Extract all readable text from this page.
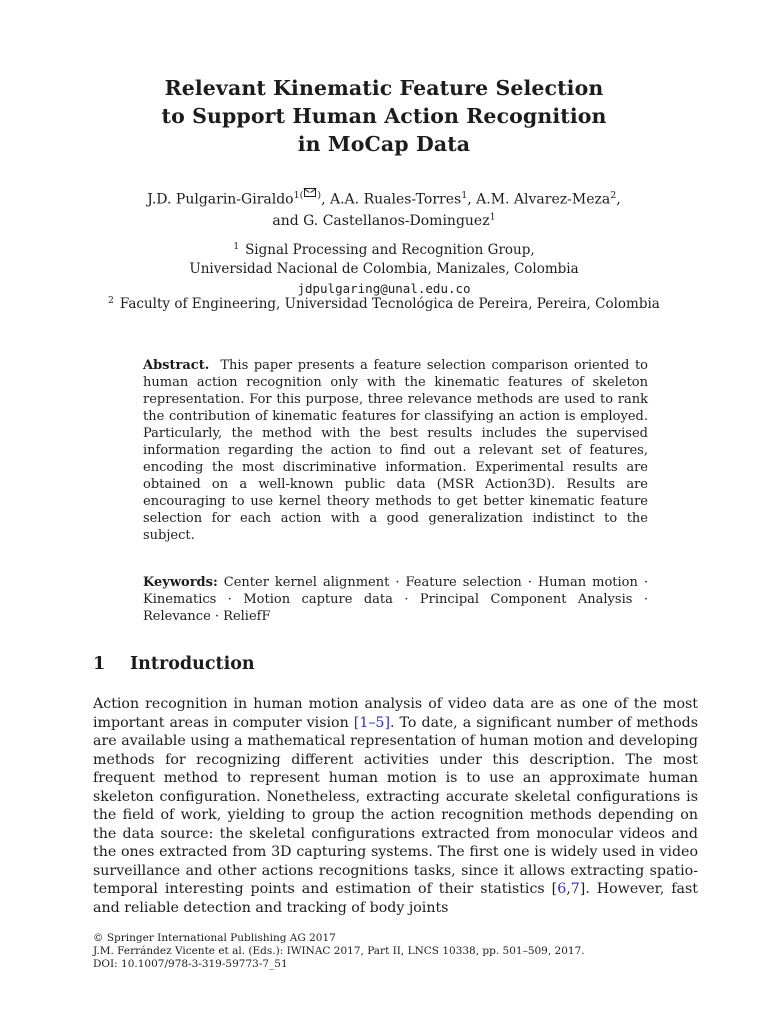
Relevant Kinematic Feature Selection
to Support Human Action Recognition
in MoCap Data
J.D. Pulgarin-Giraldo$^{1( )}$, A.A. Ruales-Torres$^1$, A.M. Alvarez-Meza$^2$,
and G. Castellanos-Dominguez$^1$
$^1$ Signal Processing and Recognition Group,
Universidad Nacional de Colombia, Manizales, Colombia
jdpulgaring@unal.edu.co
$^2$ Faculty of Engineering, Universidad Tecnológica de Pereira, Pereira, Colombia
Abstract. This paper presents a feature selection comparison oriented to human action recognition only with the kinematic features of skeleton representation. For this purpose, three relevance methods are used to rank the contribution of kinematic features for classifying an action is employed. Particularly, the method with the best results includes the supervised information regarding the action to find out a relevant set of features, encoding the most discriminative information. Experimental results are obtained on a well-known public data (MSR Action3D). Results are encouraging to use kernel theory methods to get better kinematic feature selection for each action with a good generalization indistinct to the subject.
Keywords: Center kernel alignment · Feature selection · Human motion · Kinematics · Motion capture data · Principal Component Analysis · Relevance · ReliefF
1 Introduction
Action recognition in human motion analysis of video data are as one of the most important areas in computer vision [1–5]. To date, a significant number of methods are available using a mathematical representation of human motion and developing methods for recognizing different activities under this description. The most frequent method to represent human motion is to use an approximate human skeleton configuration. Nonetheless, extracting accurate skeletal configurations is the field of work, yielding to group the action recognition methods depending on the data source: the skeletal configurations extracted from monocular videos and the ones extracted from 3D capturing systems. The first one is widely used in video surveillance and other actions recognitions tasks, since it allows extracting spatio-temporal interesting points and estimation of their statistics [6,7]. However, fast and reliable detection and tracking of body joints
© Springer International Publishing AG 2017
J.M. Ferrández Vicente et al. (Eds.): IWINAC 2017, Part II, LNCS 10338, pp. 501–509, 2017.
DOI: 10.1007/978-3-319-59773-7_51
